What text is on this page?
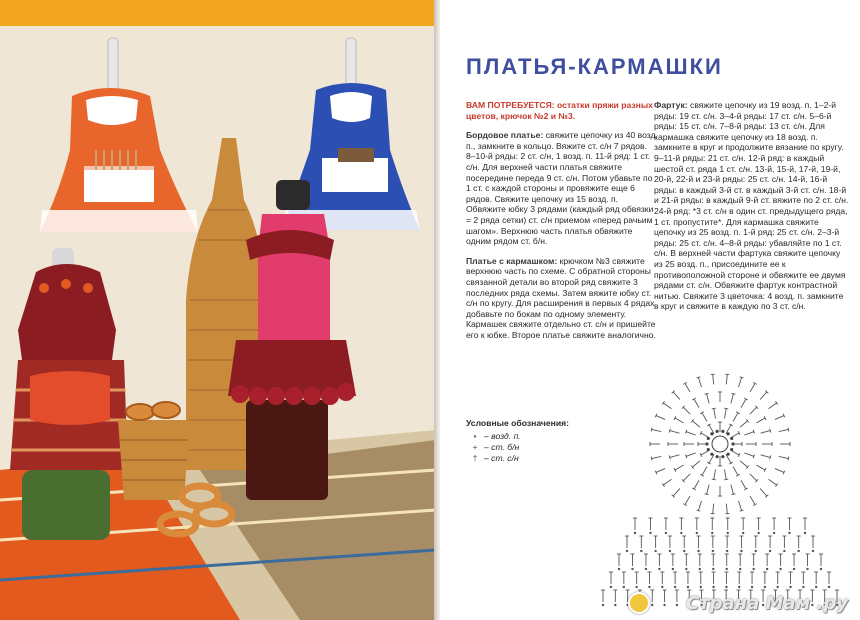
ПЛАТЬЯ-КАРМАШКИ

ВАМ ПОТРЕБУЕТСЯ: остатки пряжи разных цветов, крючок №2 и №3.

Бордовое платье: свяжите цепочку из 40 возд. п., замкните в кольцо. Вяжите ст. с/н 7 рядов. 8–10-й ряды: 2 ст. с/н, 1 возд. п. 11-й ряд: 1 ст. с/н. Для верхней части платья свяжите посередине переда 9 ст. с/н. Потом убавьте по 1 ст. с каждой стороны и провяжите еще 6 рядов. Свяжите цепочку из 15 возд. п. Обвяжите юбку 3 рядами (каждый ряд обвязки = 2 ряда сетки) ст. с/н приемом «перед рачьим шагом». Верхнюю часть платья обвяжите одним рядом ст. б/н.

Платье с кармашком: крючком №3 свяжите верхнюю часть по схеме. С обратной стороны связанной детали во второй ряд свяжите 3 последних ряда схемы. Затем вяжите юбку ст. с/н по кругу. Для расширения в первых 4 рядах добавьте по бокам по одному элементу. Кармашек свяжите отдельно ст. с/н и пришейте его к юбке. Второе платье свяжите аналогично.

Фартук: свяжите цепочку из 19 возд. п. 1–2-й ряды: 19 ст. с/н. 3–4-й ряды: 17 ст. с/н. 5–6-й ряды: 15 ст. с/н. 7–8-й ряды: 13 ст. с/н. Для кармашка свяжите цепочку из 18 возд. п. замкните в круг и продолжите вязание по кругу. 9–11-й ряды: 21 ст. с/н. 12-й ряд: в каждый шестой ст. ряда 1 ст. с/н. 13-й, 15-й, 17-й, 19-й, 20-й, 22-й и 23-й ряды: 25 ст. с/н. 14-й, 16-й ряды: в каждый 3-й ст. в каждый 3-й ст. с/н. 18-й и 21-й ряды: в каждый 9-й ст. вяжите по 2 ст. с/н. 24-й ряд: *3 ст. с/н в один ст. предыдущего ряда, 1 ст. пропустите*. Для кармашка свяжите цепочку из 25 возд. п. 1-й ряд: 25 ст. с/н. 2–3-й ряды: 25 ст. с/н. 4–8-й ряды: убавляйте по 1 ст. с/н. В верхней части фартука свяжите цепочку из 25 возд. п., присоедините ее к противоположной стороне и обвяжите ее двумя рядами ст. с/н. Обвяжите фартук контрастной нитью. Свяжите 3 цветочка: 4 возд. п. замкните в круг и свяжите в каждую по 3 ст. с/н.

Условные обозначения:
• – возд. п.
+ – ст. б/н
† – ст. с/н
Страна Мам .ру
